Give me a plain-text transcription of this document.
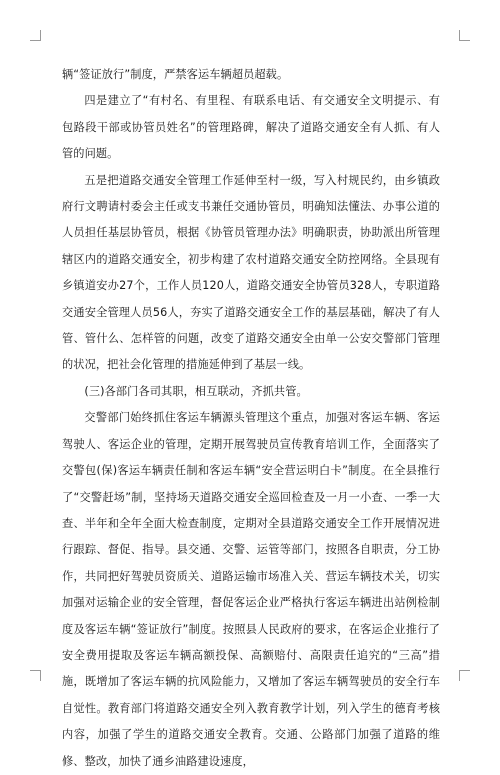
辆“签证放行”制度，严禁客运车辆超员超载。

四是建立了“有村名、有里程、有联系电话、有交通安全文明提示、有包路段干部或协管员姓名”的管理路碑，解决了道路交通安全有人抓、有人管的问题。

五是把道路交通安全管理工作延伸至村一级，写入村规民约，由乡镇政府行文聘请村委会主任或支书兼任交通协管员，明确知法懂法、办事公道的人员担任基层协管员，根据《协管员管理办法》明确职责，协助派出所管理辖区内的道路交通安全，初步构建了农村道路交通安全防控网络。全县现有乡镇道安办27个，工作人员120人，道路交通安全协管员328人，专职道路交通安全管理人员56人，夯实了道路交通安全工作的基层基础，解决了有人管、管什么、怎样管的问题，改变了道路交通安全由单一公安交警部门管理的状况，把社会化管理的措施延伸到了基层一线。

(三)各部门各司其职，相互联动，齐抓共管。

交警部门始终抓住客运车辆源头管理这个重点，加强对客运车辆、客运驾驶人、客运企业的管理，定期开展驾驶员宣传教育培训工作，全面落实了交警包(保)客运车辆责任制和客运车辆“安全营运明白卡”制度。在全县推行了“交警赶场”制，坚持场天道路交通安全巡回检查及一月一小查、一季一大查、半年和全年全面大检查制度，定期对全县道路交通安全工作开展情况进行跟踪、督促、指导。县交通、交警、运管等部门，按照各自职责，分工协作，共同把好驾驶员资质关、道路运输市场准入关、营运车辆技术关，切实加强对运输企业的安全管理，督促客运企业严格执行客运车辆进出站例检制度及客运车辆“签证放行”制度。按照县人民政府的要求，在客运企业推行了安全费用提取及客运车辆高额投保、高额赔付、高限责任追究的“三高”措施，既增加了客运车辆的抗风险能力，又增加了客运车辆驾驶员的安全行车自觉性。教育部门将道路交通安全列入教育教学计划，列入学生的德育考核内容，加强了学生的道路交通安全教育。交通、公路部门加强了道路的维修、整改，加快了通乡油路建设速度，
